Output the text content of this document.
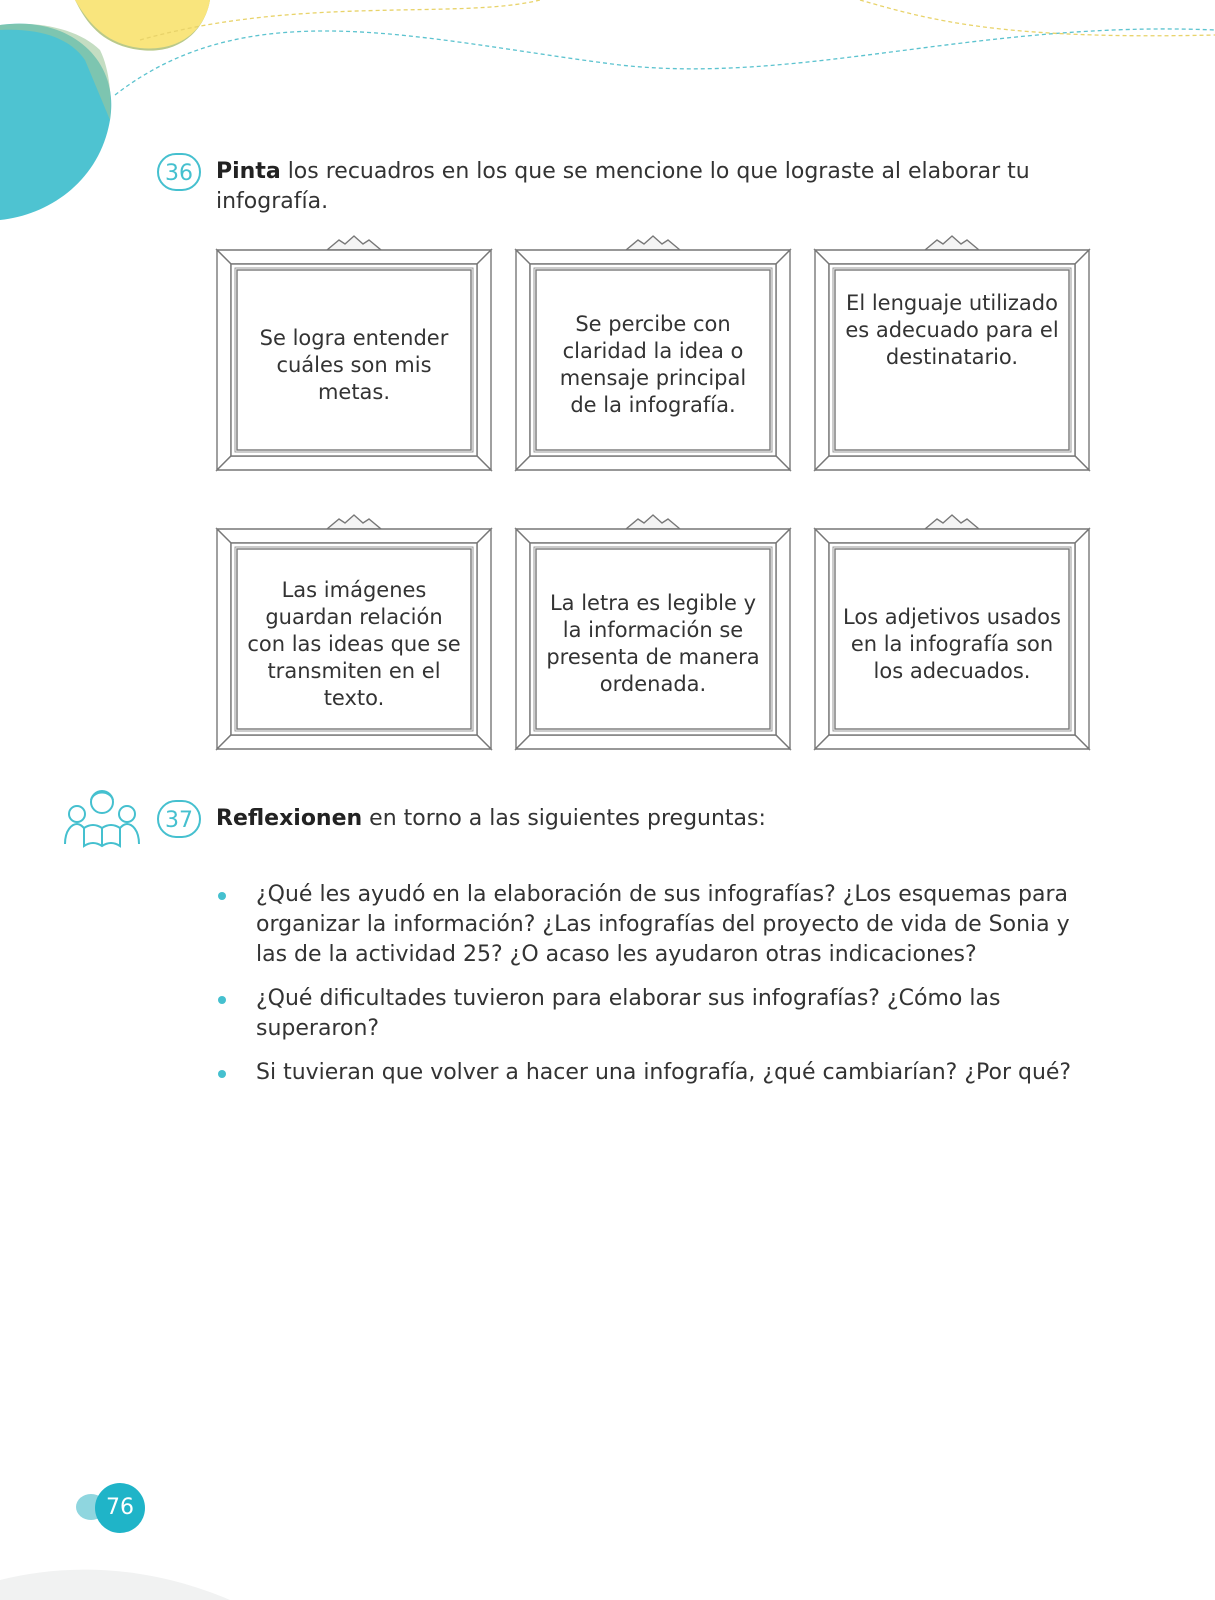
36	Pinta los recuadros en los que se mencione lo que lograste al elaborar tu infografía.
Se logra entender cuáles son mis metas.
Se percibe con claridad la idea o mensaje principal de la infografía.
El lenguaje utilizado es adecuado para el destinatario.
Las imágenes guardan relación con las ideas que se transmiten en el texto.
La letra es legible y la información se presenta de manera ordenada.
Los adjetivos usados en la infografía son los adecuados.
37	Reflexionen en torno a las siguientes preguntas:
¿Qué les ayudó en la elaboración de sus infografías? ¿Los esquemas para organizar la información? ¿Las infografías del proyecto de vida de Sonia y las de la actividad 25? ¿O acaso les ayudaron otras indicaciones?
¿Qué dificultades tuvieron para elaborar sus infografías? ¿Cómo las superaron?
Si tuvieran que volver a hacer una infografía, ¿qué cambiarían? ¿Por qué?
76
